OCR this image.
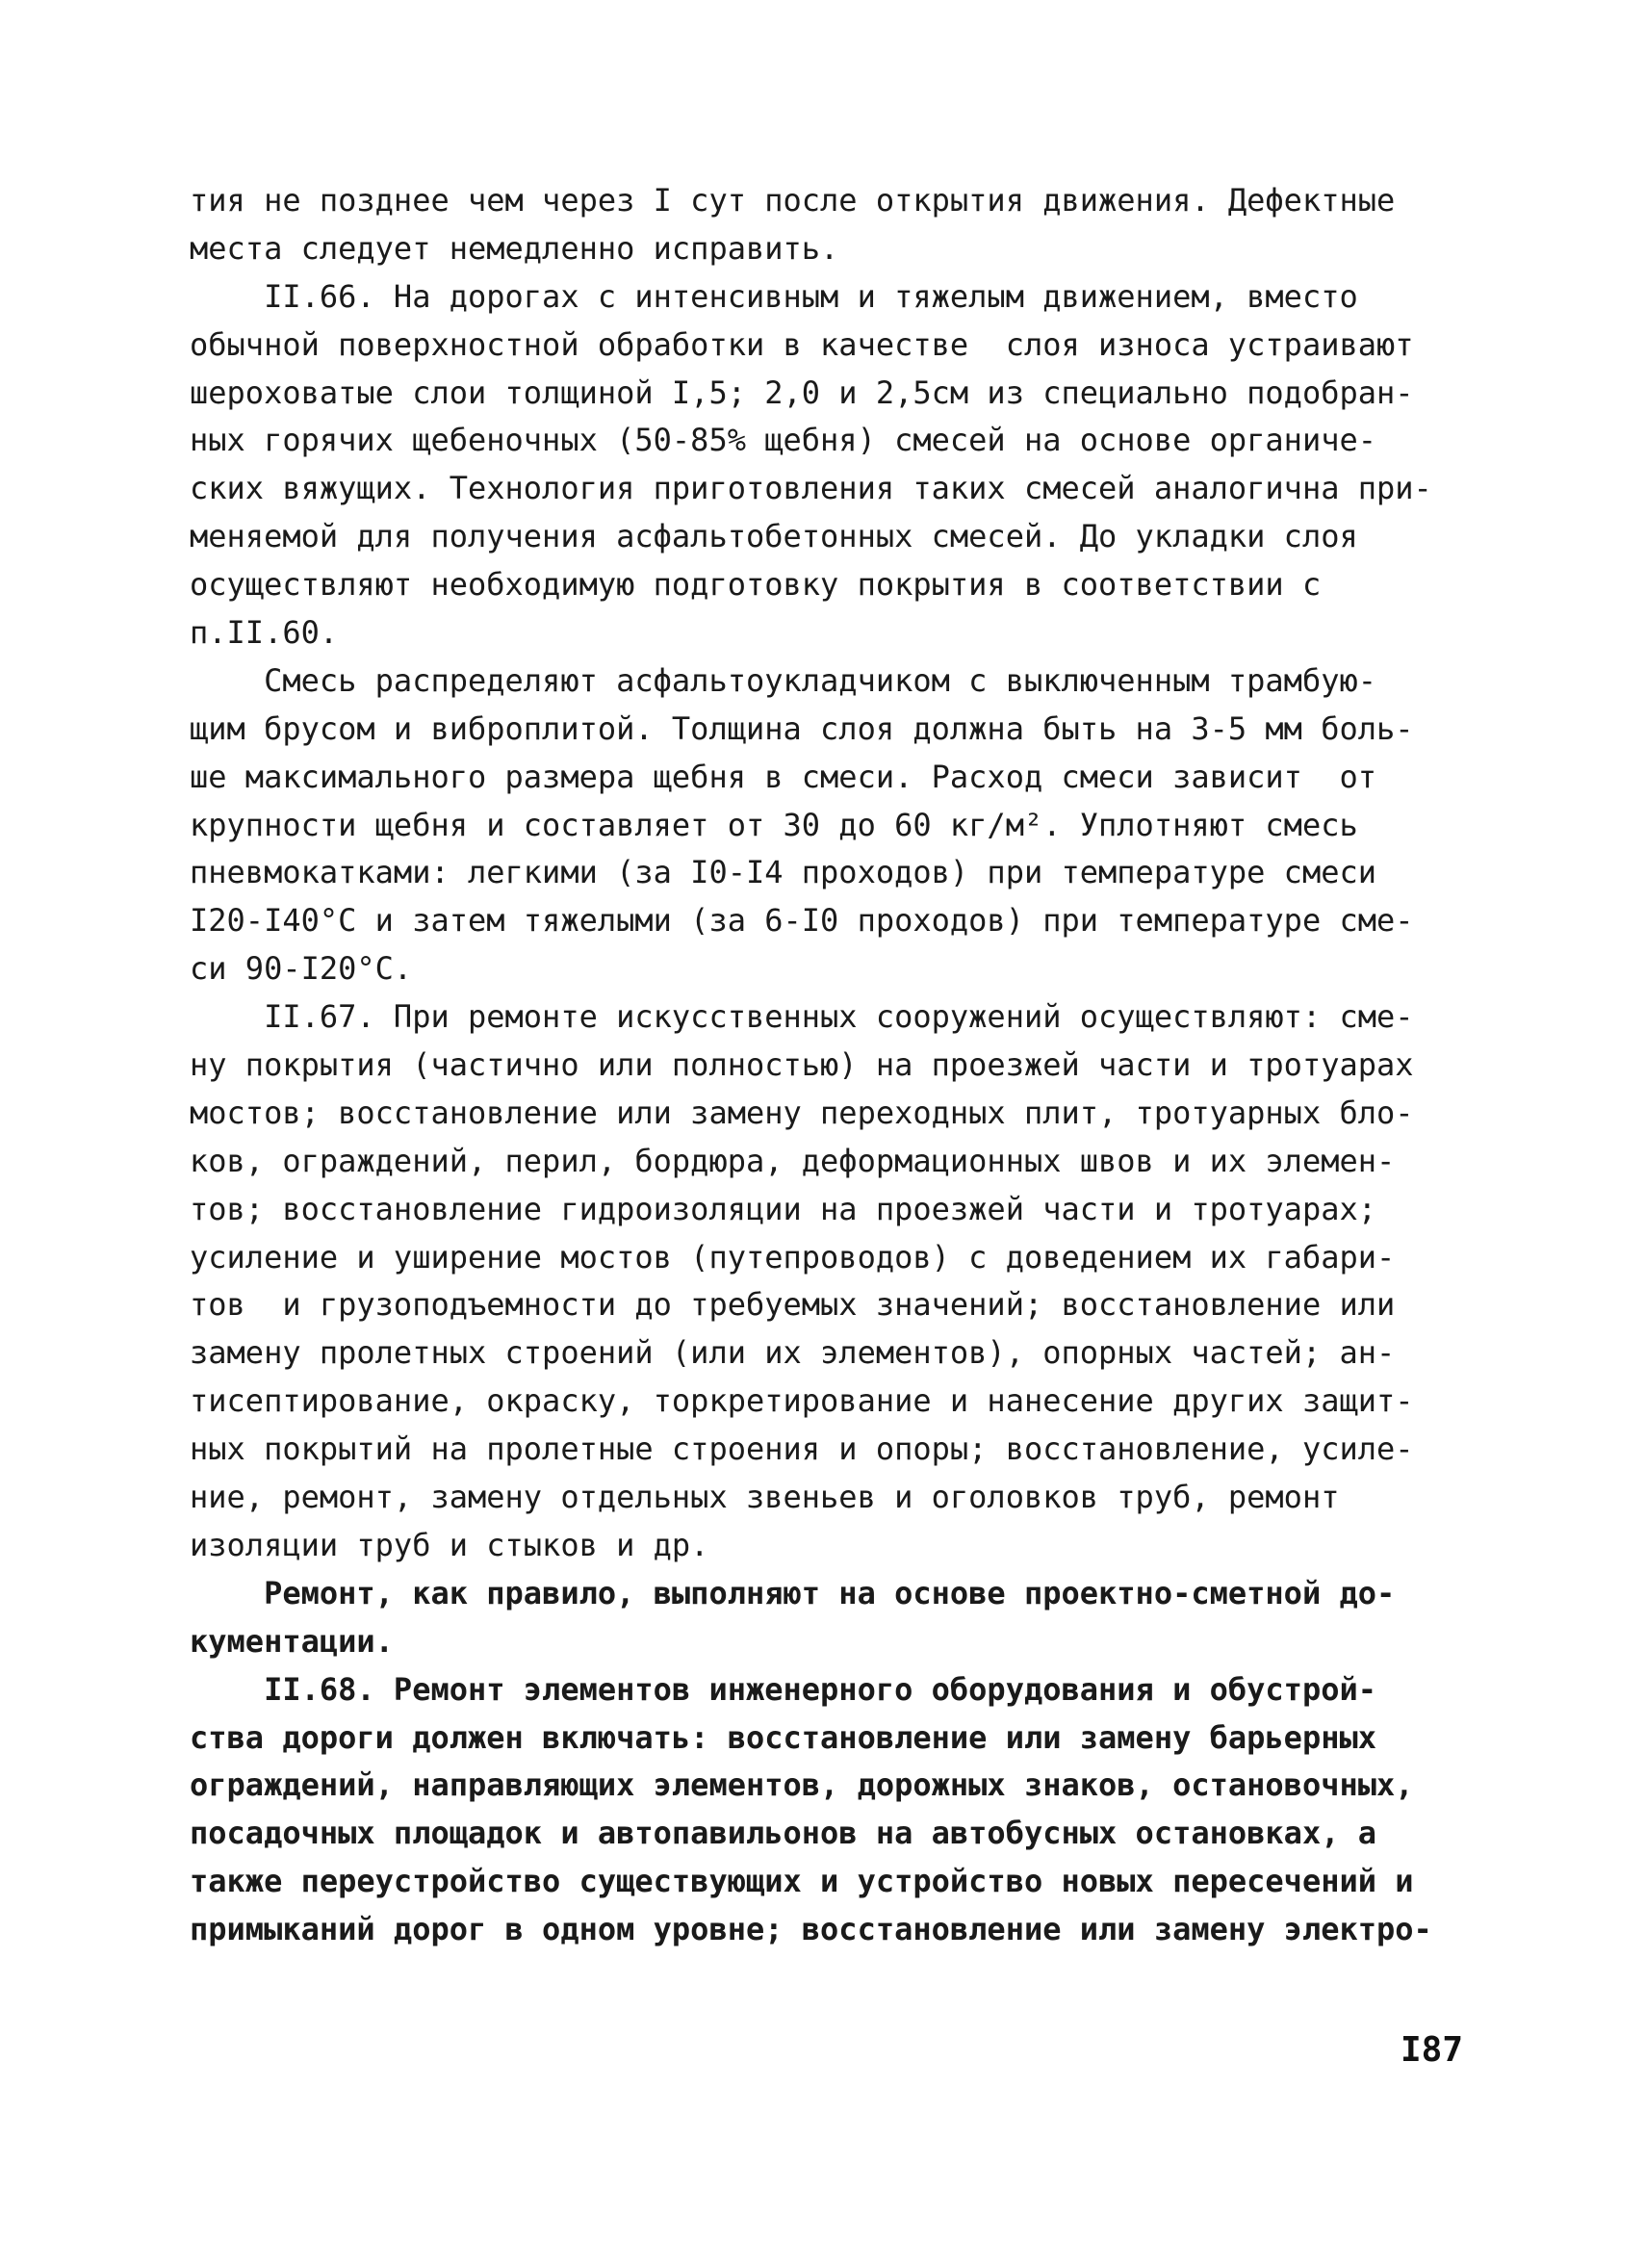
тия не позднее чем через I сут после открытия движения. Дефектные
места следует немедленно исправить.
II.66. На дорогах с интенсивным и тяжелым движением, вместо
обычной поверхностной обработки в качестве  слоя износа устраивают
шероховатые слои толщиной I,5; 2,0 и 2,5см из специально подобран-
ных горячих щебеночных (50-85% щебня) смесей на основе органиче-
ских вяжущих. Технология приготовления таких смесей аналогична при-
меняемой для получения асфальтобетонных смесей. До укладки слоя
осуществляют необходимую подготовку покрытия в соответствии с
п.II.60.
Смесь распределяют асфальтоукладчиком с выключенным трамбую-
щим брусом и виброплитой. Толщина слоя должна быть на 3-5 мм боль-
ше максимального размера щебня в смеси. Расход смеси зависит  от
крупности щебня и составляет от 30 до 60 кг/м². Уплотняют смесь
пневмокатками: легкими (за I0-I4 проходов) при температуре смеси
I20-I40°С и затем тяжелыми (за 6-I0 проходов) при температуре сме-
си 90-I20°С.
II.67. При ремонте искусственных сооружений осуществляют: сме-
ну покрытия (частично или полностью) на проезжей части и тротуарах
мостов; восстановление или замену переходных плит, тротуарных бло-
ков, ограждений, перил, бордюра, деформационных швов и их элемен-
тов; восстановление гидроизоляции на проезжей части и тротуарах;
усиление и уширение мостов (путепроводов) с доведением их габари-
тов  и грузоподъемности до требуемых значений; восстановление или
замену пролетных строений (или их элементов), опорных частей; ан-
тисептирование, окраску, торкретирование и нанесение других защит-
ных покрытий на пролетные строения и опоры; восстановление, усиле-
ние, ремонт, замену отдельных звеньев и оголовков труб, ремонт
изоляции труб и стыков и др.
Ремонт, как правило, выполняют на основе проектно-сметной до-
кументации.
II.68. Ремонт элементов инженерного оборудования и обустрой-
ства дороги должен включать: восстановление или замену барьерных
ограждений, направляющих элементов, дорожных знаков, остановочных,
посадочных площадок и автопавильонов на автобусных остановках, а
также переустройство существующих и устройство новых пересечений и
примыканий дорог в одном уровне; восстановление или замену электро-
I87
